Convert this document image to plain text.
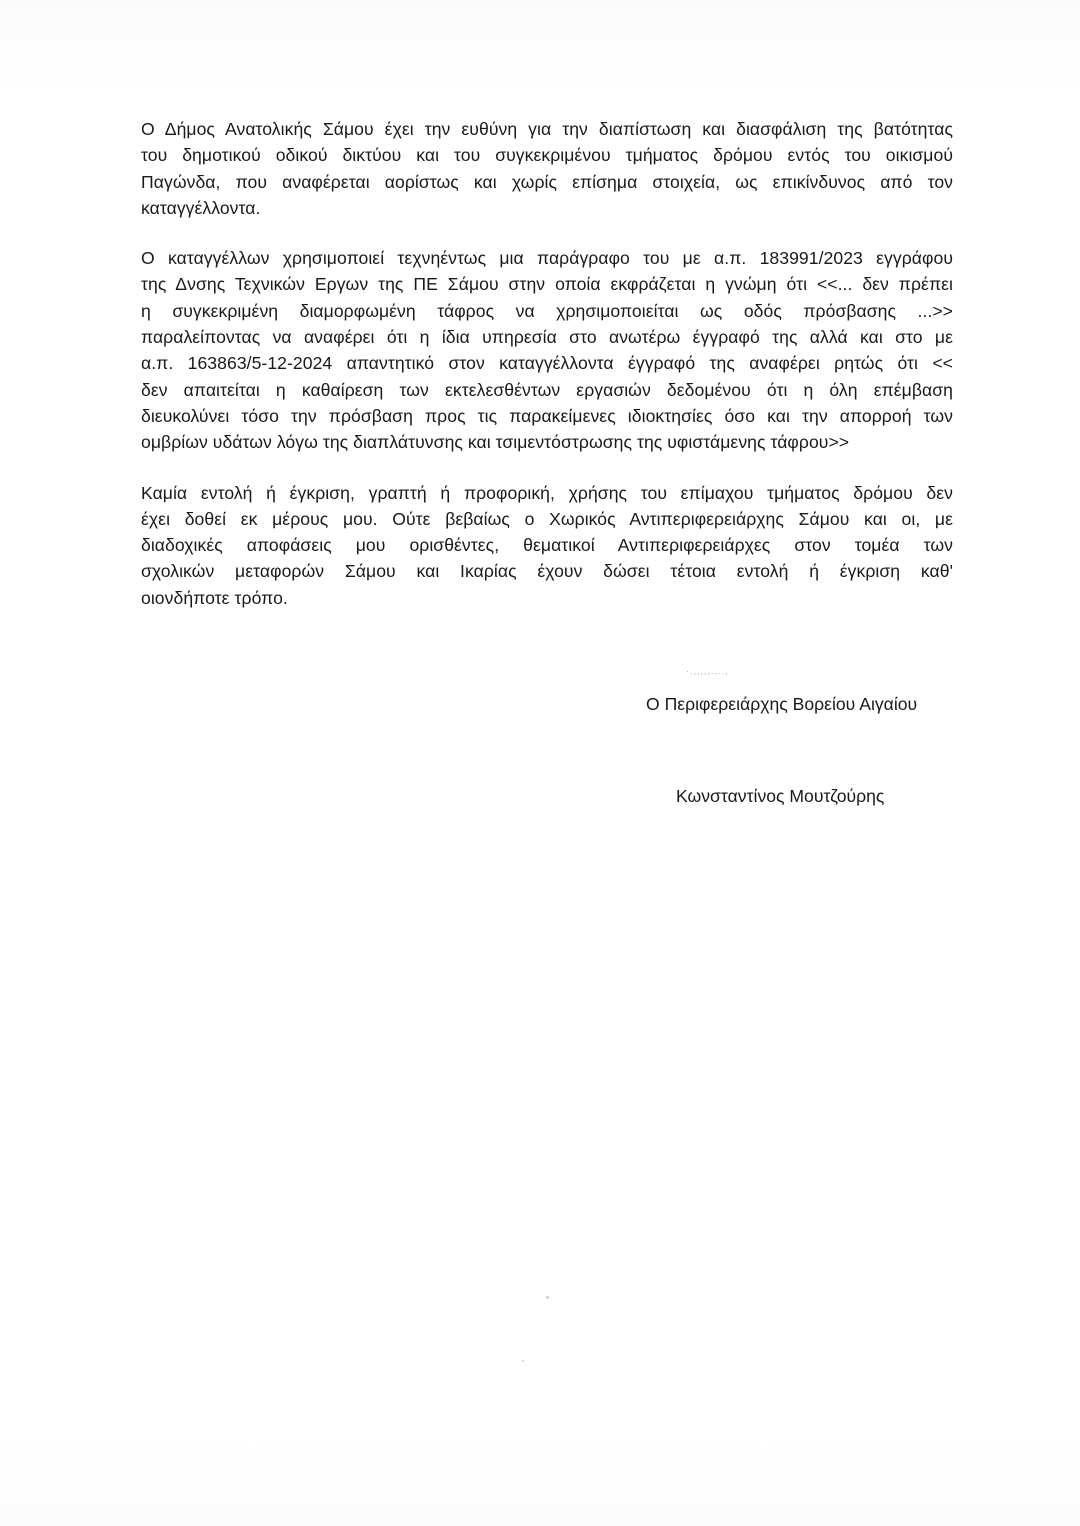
Ο Δήμος Ανατολικής Σάμου έχει την ευθύνη για την διαπίστωση και διασφάλιση της βατότητας
του δημοτικού οδικού δικτύου και του συγκεκριμένου τμήματος δρόμου εντός του οικισμού
Παγώνδα, που αναφέρεται αορίστως και χωρίς επίσημα στοιχεία, ως επικίνδυνος από τον
καταγγέλλοντα.

Ο καταγγέλλων χρησιμοποιεί τεχνηέντως μια παράγραφο του με α.π. 183991/2023 εγγράφου
της Δνσης Τεχνικών Εργων της ΠΕ Σάμου στην οποία εκφράζεται η γνώμη ότι <<... δεν πρέπει
η συγκεκριμένη διαμορφωμένη τάφρος να χρησιμοποιείται ως οδός πρόσβασης ...>>
παραλείποντας να αναφέρει ότι η ίδια υπηρεσία στο ανωτέρω έγγραφό της αλλά και στο με
α.π. 163863/5-12-2024 απαντητικό στον καταγγέλλοντα έγγραφό της αναφέρει ρητώς ότι <<
δεν απαιτείται η καθαίρεση των εκτελεσθέντων εργασιών δεδομένου ότι η όλη επέμβαση
διευκολύνει τόσο την πρόσβαση προς τις παρακείμενες ιδιοκτησίες όσο και την απορροή των
ομβρίων υδάτων λόγω της διαπλάτυνσης και τσιμεντόστρωσης της υφιστάμενης τάφρου>>

Καμία εντολή ή έγκριση, γραπτή ή προφορική, χρήσης του επίμαχου τμήματος δρόμου δεν
έχει δοθεί εκ μέρους μου. Ούτε βεβαίως ο Χωρικός Αντιπεριφερειάρχης Σάμου και οι, με
διαδοχικές αποφάσεις μου ορισθέντες, θεματικοί Αντιπεριφερειάρχες στον τομέα των
σχολικών μεταφορών Σάμου και Ικαρίας έχουν δώσει τέτοια εντολή ή έγκριση καθ'
οιονδήποτε τρόπο.

·.,,,,,.,..,
Ο Περιφερειάρχης Βορείου Αιγαίου
Κωνσταντίνος Μουτζούρης
